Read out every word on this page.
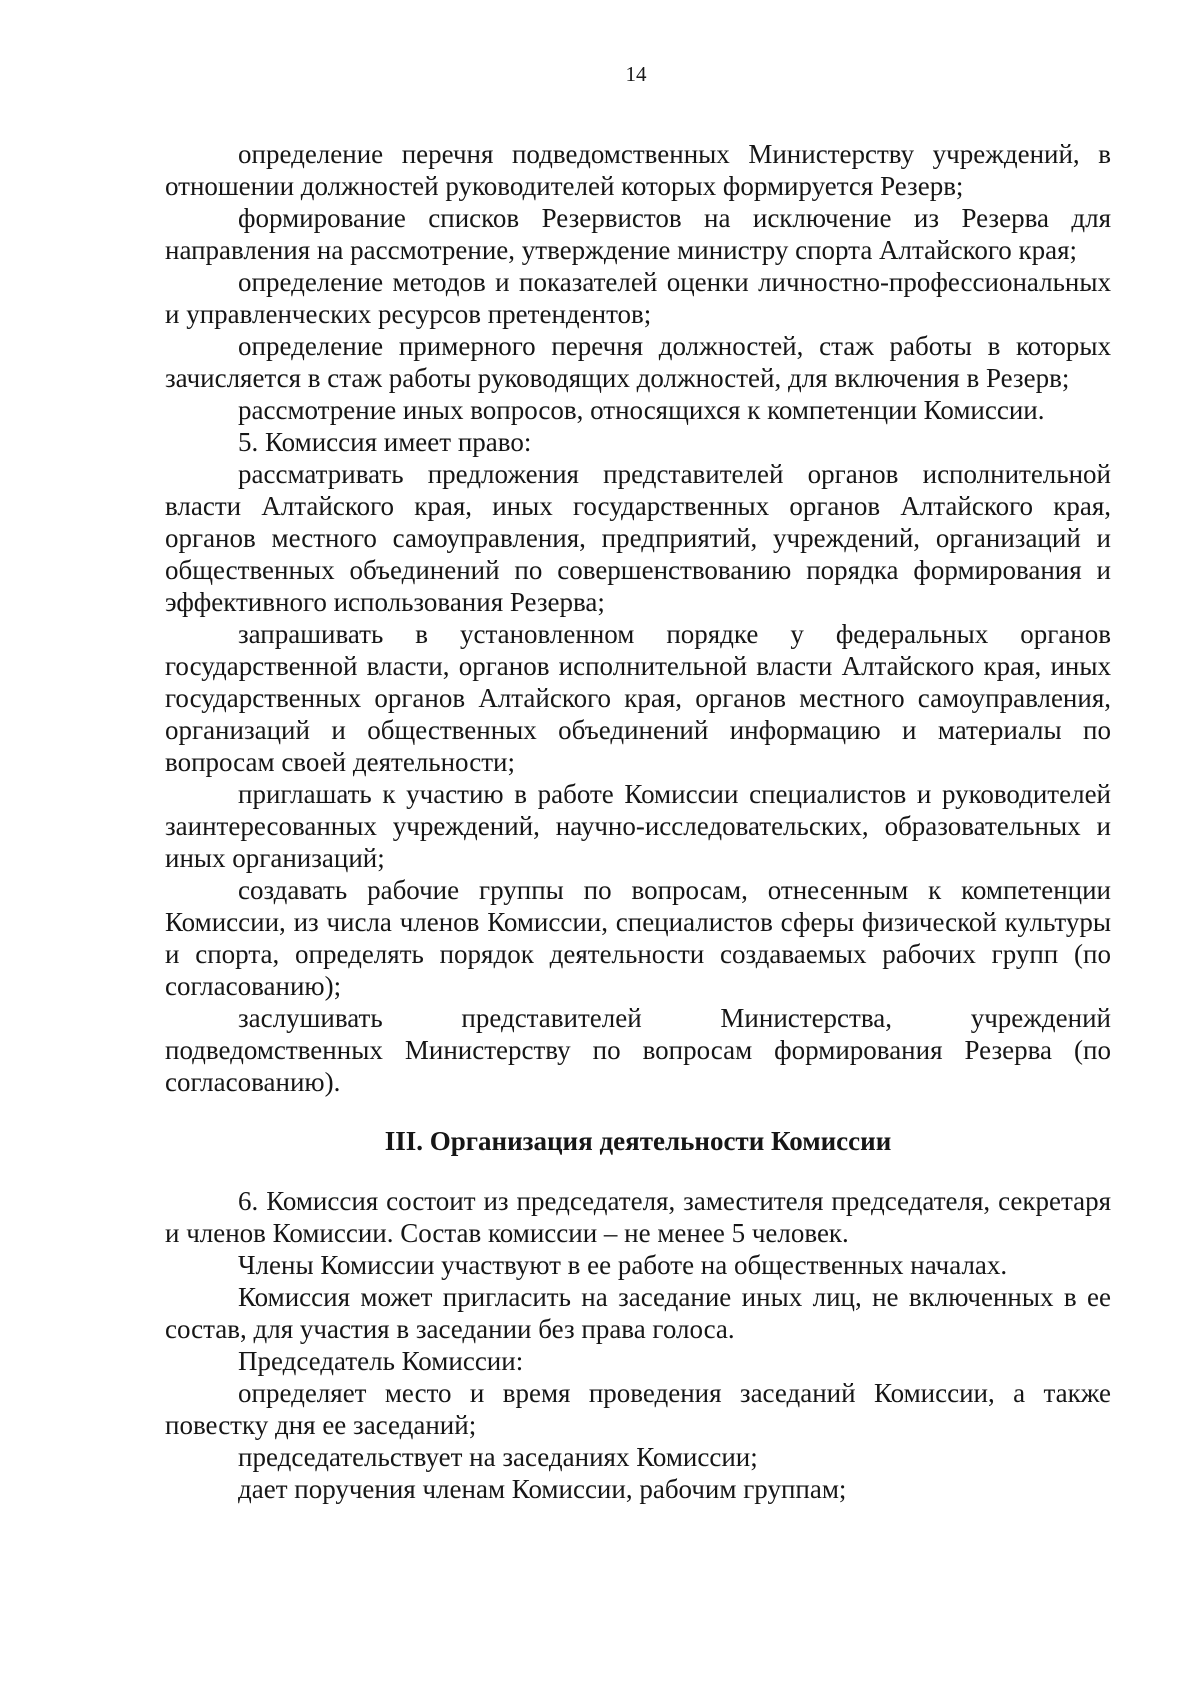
14

определение перечня подведомственных Министерству учреждений, в отношении должностей руководителей которых формируется Резерв;

формирование списков Резервистов на исключение из Резерва для направления на рассмотрение, утверждение министру спорта Алтайского края;

определение методов и показателей оценки личностно-профессиональных и управленческих ресурсов претендентов;

определение примерного перечня должностей, стаж работы в которых зачисляется в стаж работы руководящих должностей, для включения в Резерв;

рассмотрение иных вопросов, относящихся к компетенции Комиссии.

5. Комиссия имеет право:

рассматривать предложения представителей органов исполнительной власти Алтайского края, иных государственных органов Алтайского края, органов местного самоуправления, предприятий, учреждений, организаций и общественных объединений по совершенствованию порядка формирования и эффективного использования Резерва;

запрашивать в установленном порядке у федеральных органов государственной власти, органов исполнительной власти Алтайского края, иных государственных органов Алтайского края, органов местного самоуправления, организаций и общественных объединений информацию и материалы по вопросам своей деятельности;

приглашать к участию в работе Комиссии специалистов и руководителей заинтересованных учреждений, научно-исследовательских, образовательных и иных организаций;

создавать рабочие группы по вопросам, отнесенным к компетенции Комиссии, из числа членов Комиссии, специалистов сферы физической культуры и спорта, определять порядок деятельности создаваемых рабочих групп (по согласованию);

заслушивать представителей Министерства, учреждений подведомственных Министерству по вопросам формирования Резерва (по согласованию).

III. Организация деятельности Комиссии

6. Комиссия состоит из председателя, заместителя председателя, секретаря и членов Комиссии. Состав комиссии – не менее 5 человек.

Члены Комиссии участвуют в ее работе на общественных началах.

Комиссия может пригласить на заседание иных лиц, не включенных в ее состав, для участия в заседании без права голоса.

Председатель Комиссии:

определяет место и время проведения заседаний Комиссии, а также повестку дня ее заседаний;

председательствует на заседаниях Комиссии;

дает поручения членам Комиссии, рабочим группам;
